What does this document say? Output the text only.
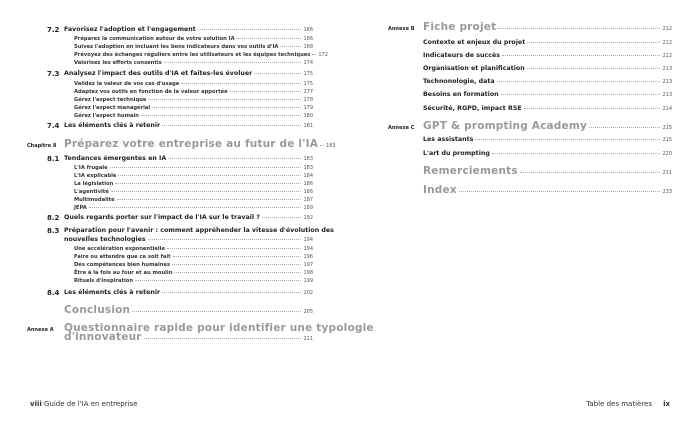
7.2 Favorisez l'adoption et l'engagement	166
Préparez la communication autour de votre solution IA	166
Suivez l'adoption en incluant les bons indicateurs dans vos outils d'IA	168
Prévoyez des échanges réguliers entre les utilisateurs et les équipes techniques 172
Valorisez les efforts consentis	174
7.3 Analysez l'impact des outils d'IA et faites-les évoluer	175
Validez la valeur de vos cas d'usage	175
Adaptez vos outils en fonction de la valeur apportée	177
Gérez l'aspect technique	178
Gérez l'aspect managérial	179
Gérez l'aspect humain	180
7.4 Les éléments clés à retenir	181
Chapitre 8 Préparez votre entreprise au futur de l'IA 183
8.1 Tendances émergentes en IA	183
L'IA frugale	183
L'IA explicable	184
La législation	186
L'agentivité	186
Multimodalité	187
JEPA	189
8.2 Quels regards porter sur l'impact de l'IA sur le travail ?	192
8.3 Préparation pour l'avenir : comment appréhender la vitesse d'évolution des
nouvelles technologies	194
Une accélération exponentielle	194
Faire ou attendre que ce soit fait	196
Des compétences bien humaines	197
Être à la fois au four et au moulin	198
Rituels d'inspiration	199
8.4 Les éléments clés à retenir	202
Conclusion	205
Annexe A Questionnaire rapide pour identifier une typologie
d'innovateur	211
Annexe B Fiche projet	212
Contexte et enjeux du projet	212
Indicateurs de succès	212
Organisation et planification	213
Technonologie, data	213
Besoins en formation	213
Sécurité, RGPD, impact RSE	214
Annexe C GPT & prompting Academy	215
Les assistants	215
L'art du prompting	220
Remerciements	231
Index	233
viii Guide de l'IA en entreprise	Table des matières ix
